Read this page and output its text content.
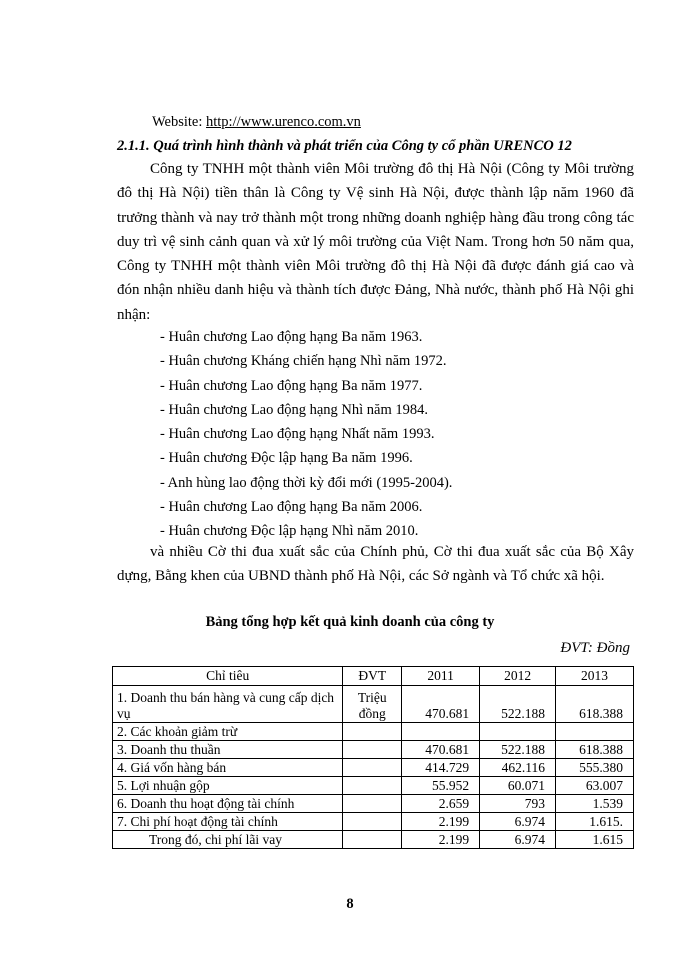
Website: http://www.urenco.com.vn
2.1.1. Quá trình hình thành và phát triển của Công ty cổ phần URENCO 12
Công ty TNHH một thành viên Môi trường đô thị Hà Nội (Công ty Môi trường đô thị Hà Nội) tiền thân là Công ty Vệ sinh Hà Nội, được thành lập năm 1960 đã trưởng thành và nay trở thành một trong những doanh nghiệp hàng đầu trong công tác duy trì vệ sinh cảnh quan và xử lý môi trường của Việt Nam. Trong hơn 50 năm qua, Công ty TNHH một thành viên Môi trường đô thị Hà Nội đã được đánh giá cao và đón nhận nhiều danh hiệu và thành tích được Đảng, Nhà nước, thành phố Hà Nội ghi nhận:
- Huân chương Lao động hạng Ba năm 1963.
- Huân chương Kháng chiến hạng Nhì năm 1972.
- Huân chương Lao động hạng Ba năm 1977.
- Huân chương Lao động hạng Nhì năm 1984.
- Huân chương Lao động hạng Nhất năm 1993.
- Huân chương Độc lập hạng Ba năm 1996.
- Anh hùng lao động thời kỳ đổi mới (1995-2004).
- Huân chương Lao động hạng Ba năm 2006.
- Huân chương Độc lập hạng Nhì năm 2010.
và nhiều Cờ thi đua xuất sắc của Chính phủ, Cờ thi đua xuất sắc của Bộ Xây dựng, Bằng khen của UBND thành phố Hà Nội, các Sở ngành và Tổ chức xã hội.
Bảng tổng hợp kết quả kinh doanh của công ty
ĐVT: Đồng
Chỉ tiêu	ĐVT	2011	2012	2013
1. Doanh thu bán hàng và cung cấp dịch vụ	Triệu đồng	470.681	522.188	618.388
2. Các khoản giảm trừ				
3. Doanh thu thuần		470.681	522.188	618.388
4. Giá vốn hàng bán		414.729	462.116	555.380
5. Lợi nhuận gộp		55.952	60.071	63.007
6. Doanh thu hoạt động tài chính		2.659	793	1.539
7. Chi phí hoạt động tài chính		2.199	6.974	1.615.
Trong đó, chi phí lãi vay		2.199	6.974	1.615
8
